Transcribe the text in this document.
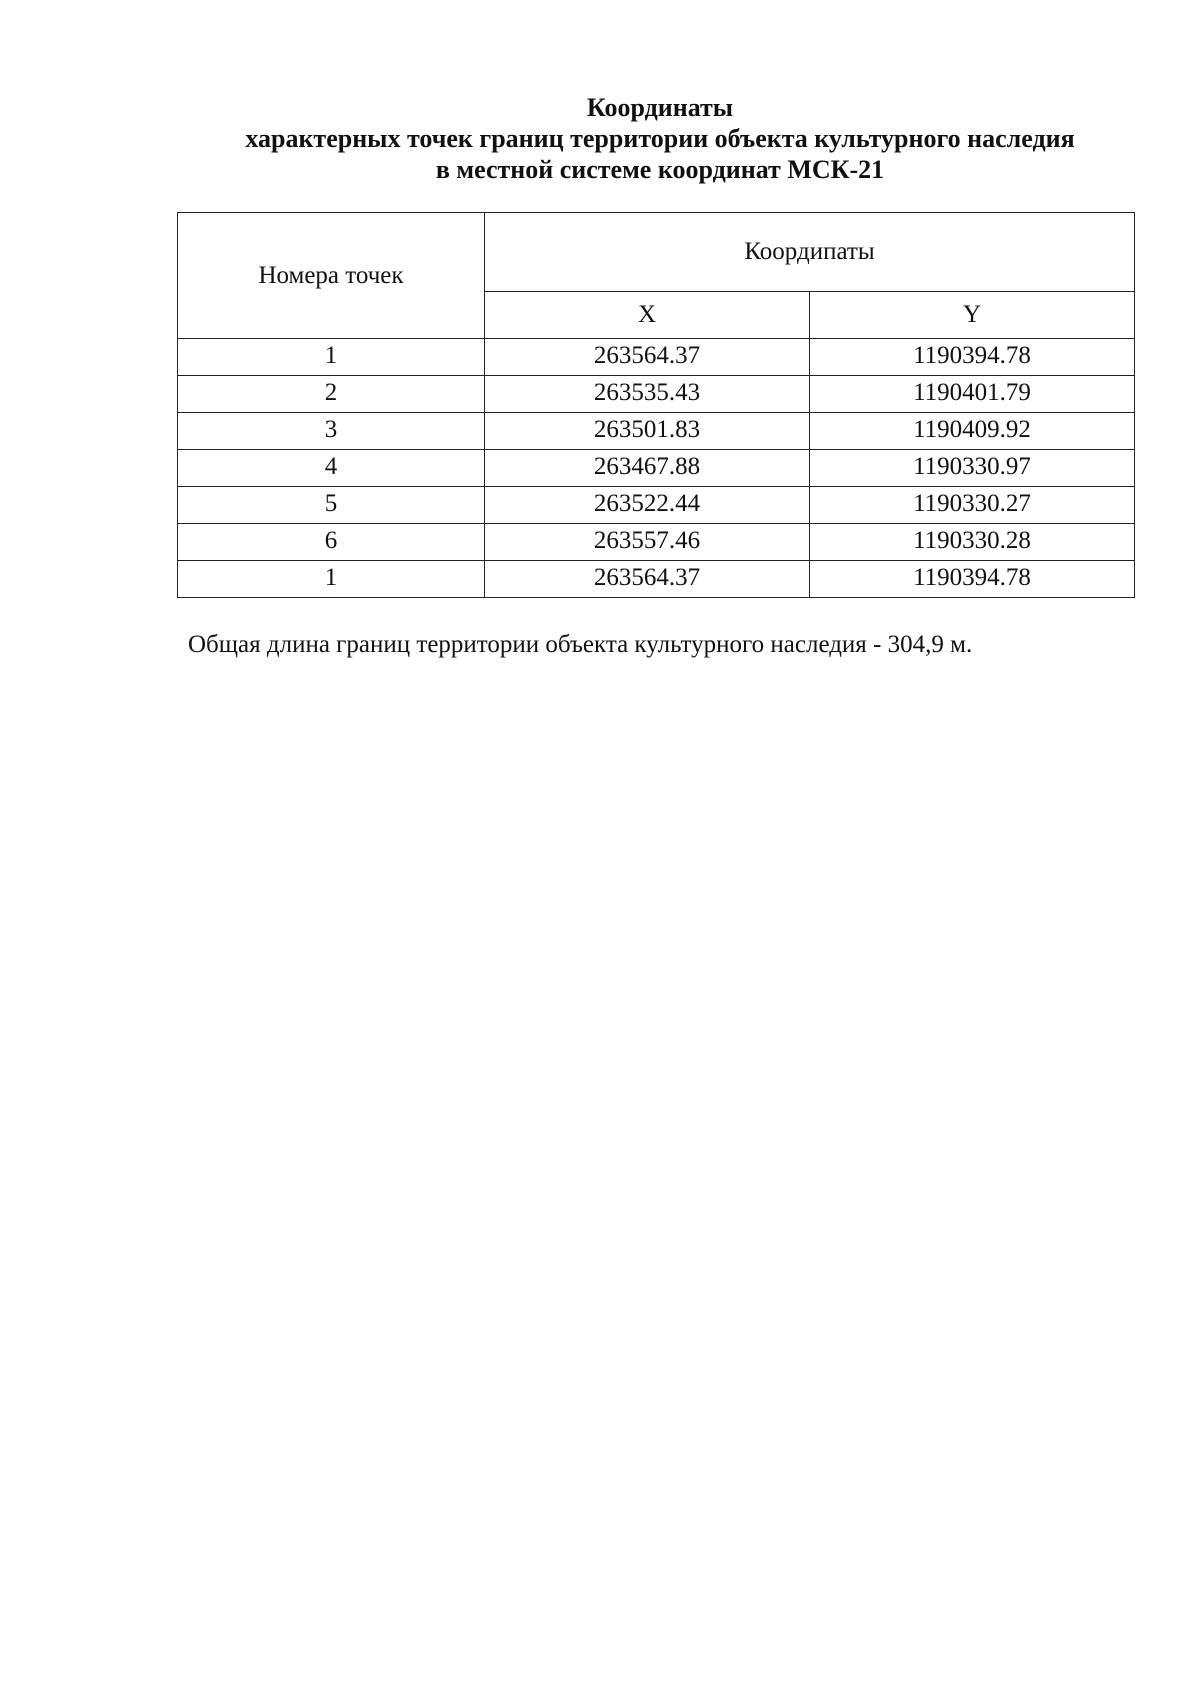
Координаты
характерных точек границ территории объекта культурного наследия
в местной системе координат МСК-21
Номера точек	Коордипаты	
	X	Y
1	263564.37	1190394.78
2	263535.43	1190401.79
3	263501.83	1190409.92
4	263467.88	1190330.97
5	263522.44	1190330.27
6	263557.46	1190330.28
1	263564.37	1190394.78
Общая длина границ территории объекта культурного наследия - 304,9 м.
